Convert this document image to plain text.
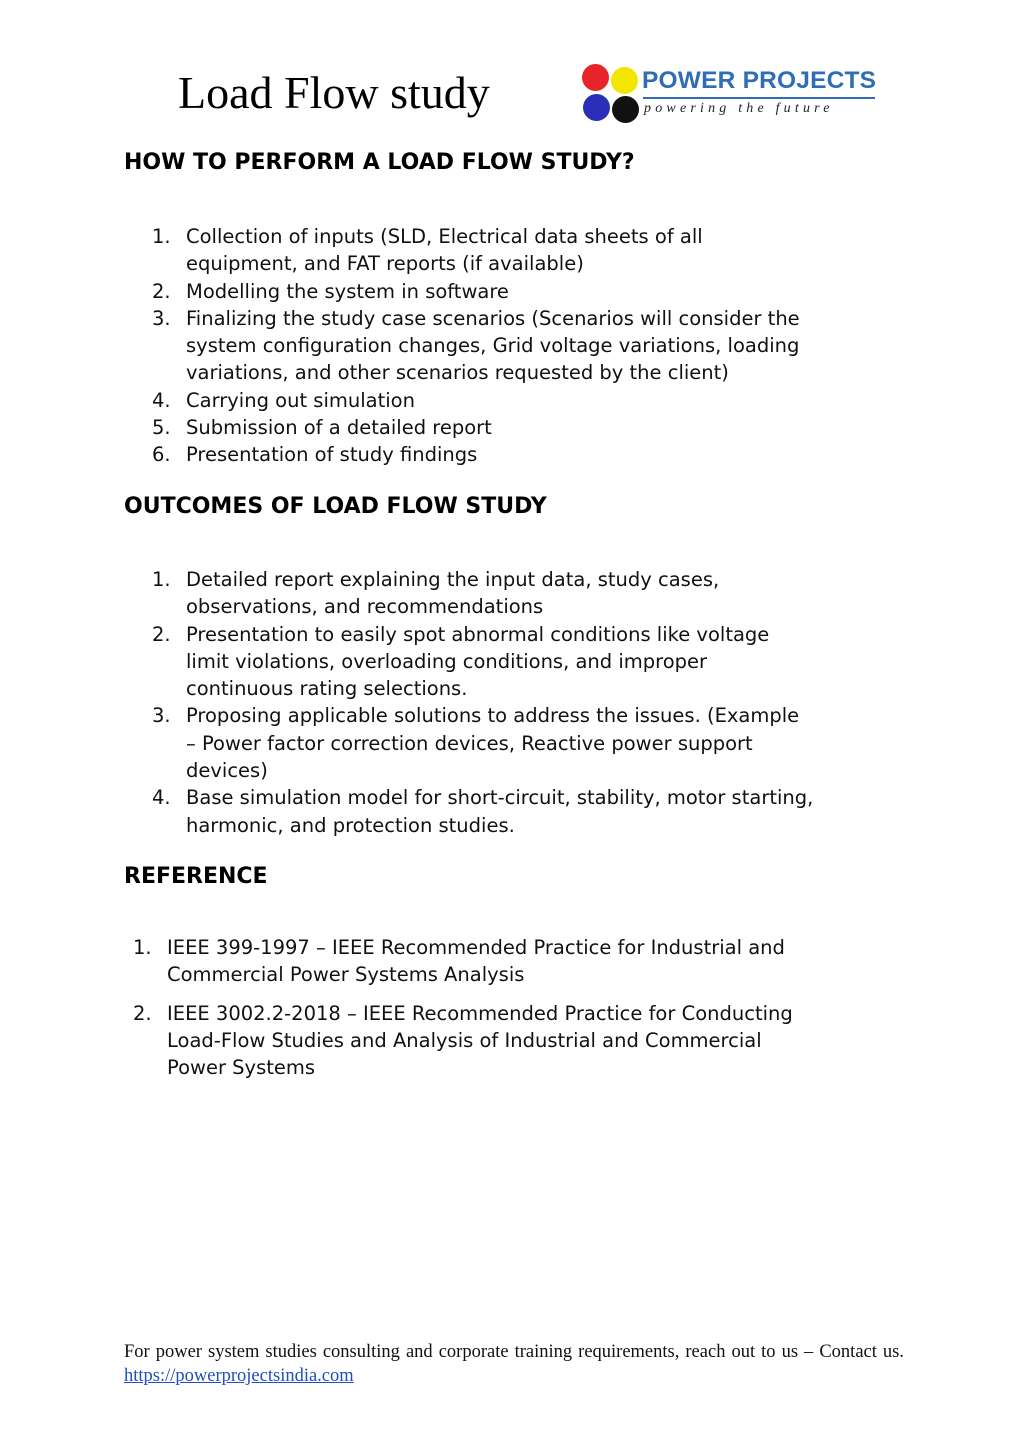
Load Flow study	POWER PROJECTS
powering the future
HOW TO PERFORM A LOAD FLOW STUDY?
1. Collection of inputs (SLD, Electrical data sheets of all
equipment, and FAT reports (if available)
2. Modelling the system in software
3. Finalizing the study case scenarios (Scenarios will consider the
system configuration changes, Grid voltage variations, loading
variations, and other scenarios requested by the client)
4. Carrying out simulation
5. Submission of a detailed report
6. Presentation of study findings
OUTCOMES OF LOAD FLOW STUDY
1. Detailed report explaining the input data, study cases,
observations, and recommendations
2. Presentation to easily spot abnormal conditions like voltage
limit violations, overloading conditions, and improper
continuous rating selections.
3. Proposing applicable solutions to address the issues. (Example
– Power factor correction devices, Reactive power support
devices)
4. Base simulation model for short-circuit, stability, motor starting,
harmonic, and protection studies.
REFERENCE
1. IEEE 399-1997 – IEEE Recommended Practice for Industrial and
Commercial Power Systems Analysis
2. IEEE 3002.2-2018 – IEEE Recommended Practice for Conducting
Load-Flow Studies and Analysis of Industrial and Commercial
Power Systems
For power system studies consulting and corporate training requirements, reach out to us – Contact us. https://powerprojectsindia.com
